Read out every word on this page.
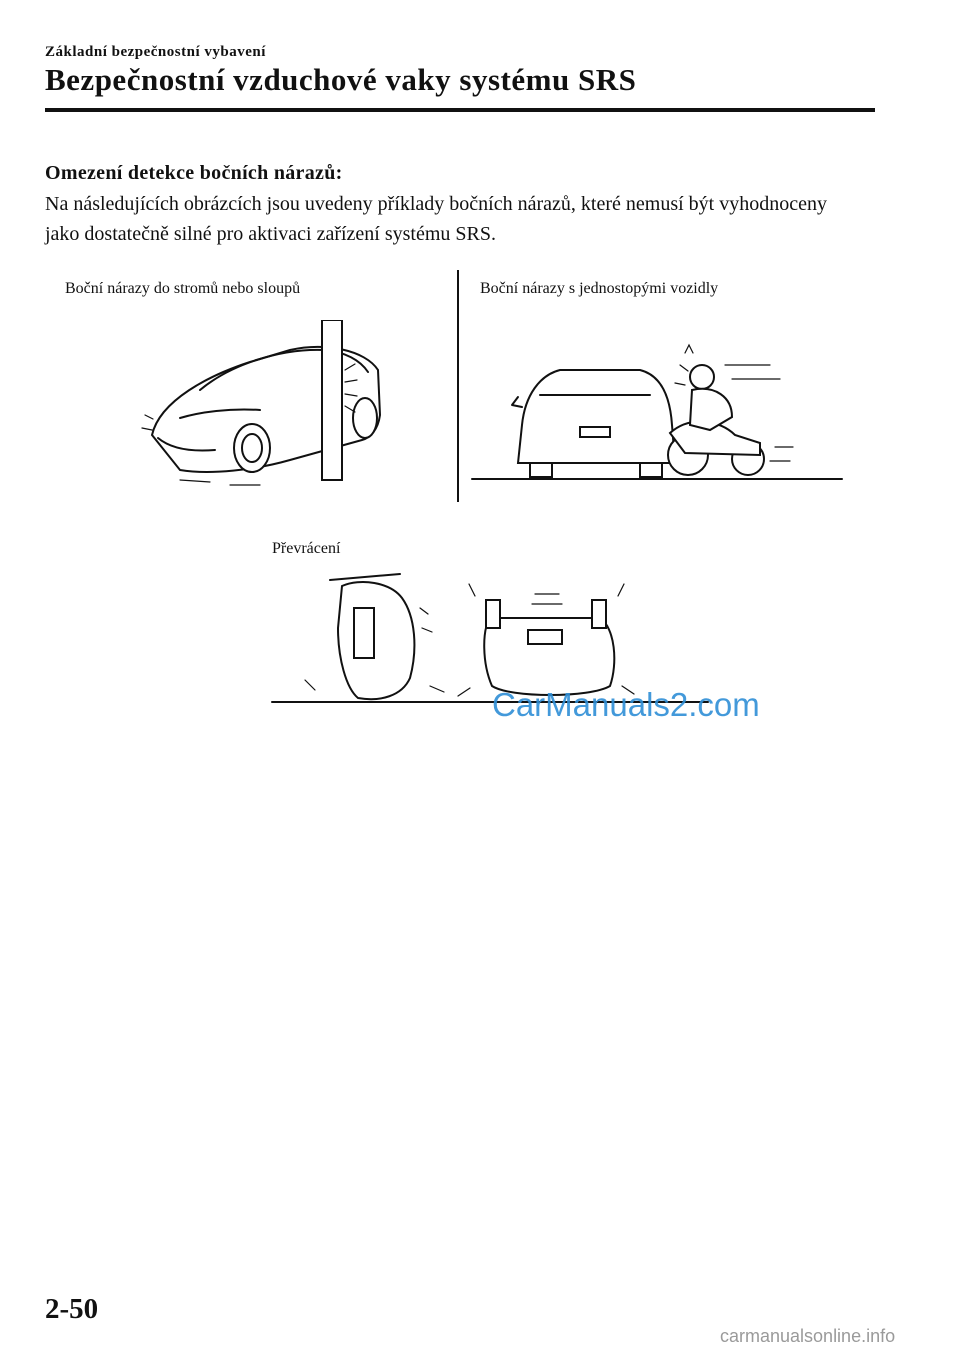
Základní bezpečnostní vybavení
Bezpečnostní vzduchové vaky systému SRS
Omezení detekce bočních nárazů:
Na následujících obrázcích jsou uvedeny příklady bočních nárazů, které nemusí být vyhodnoceny jako dostatečně silné pro aktivaci zařízení systému SRS.
Boční nárazy do stromů nebo sloupů	Boční nárazy s jednostopými vozidly
Převrácení
CarManuals2.com
2-50
carmanualsonline.info
